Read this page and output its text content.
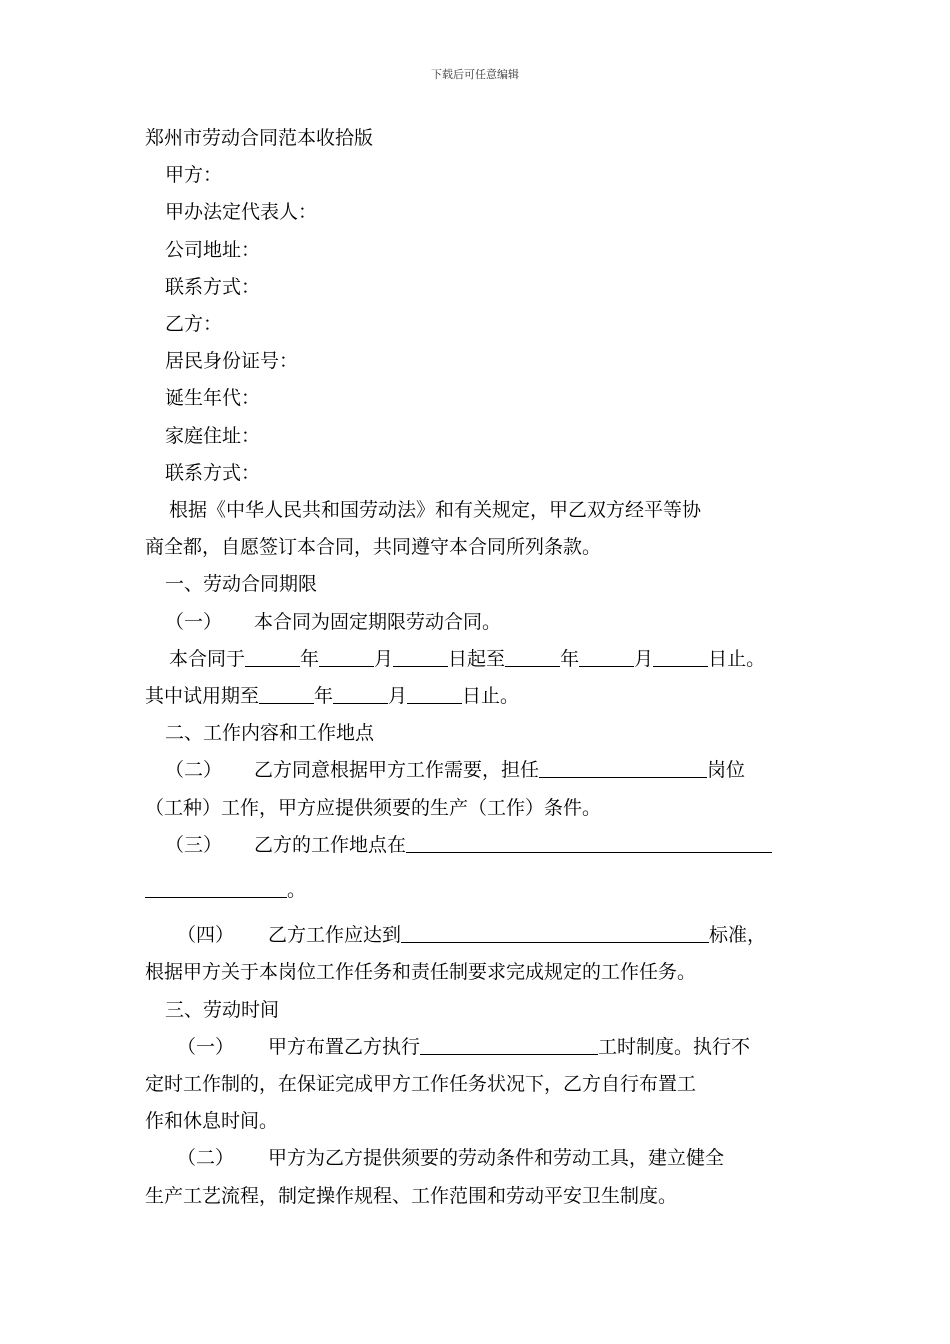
下载后可任意编辑

郑州市劳动合同范本收拾版

甲方：

甲办法定代表人：

公司地址：

联系方式：

乙方：

居民身份证号：

诞生年代：

家庭住址：

联系方式：

根据《中华人民共和国劳动法》和有关规定，甲乙双方经平等协

商全都，自愿签订本合同，共同遵守本合同所列条款。

一、劳动合同期限

（一） 本合同为固定期限劳动合同。

本合同于	年	月	日起至	年	月	日止。

其中试用期至	年	月	日止。

二、工作内容和工作地点

（二） 乙方同意根据甲方工作需要，担任	岗位

（工种）工作，甲方应提供须要的生产（工作）条件。

（三） 乙方的工作地点在

。

（四） 乙方工作应达到	标准，

根据甲方关于本岗位工作任务和责任制要求完成规定的工作任务。

三、劳动时间

（一） 甲方布置乙方执行	工时制度。执行不

定时工作制的，在保证完成甲方工作任务状况下，乙方自行布置工

作和休息时间。

（二） 甲方为乙方提供须要的劳动条件和劳动工具，建立健全

生产工艺流程，制定操作规程、工作范围和劳动平安卫生制度。
